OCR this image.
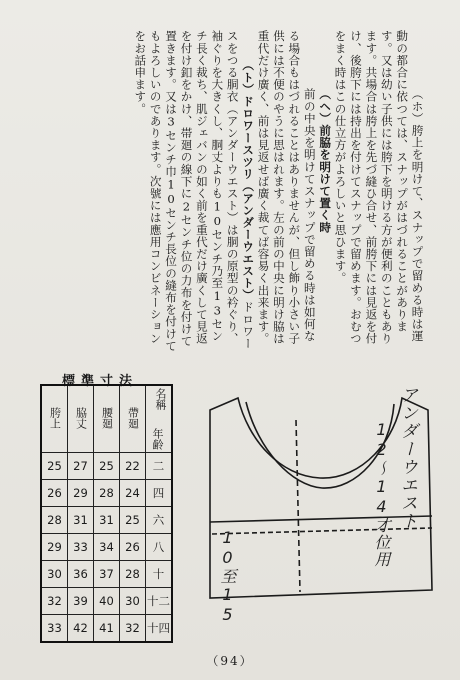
（ホ）胯上を明けて、スナップで留める時は運動の都合に依つては、スナップがはづれることがあります。又は幼い子供には胯下を明ける方が便利のこともあります。共場合は胯上を先づ縫ひ合せ、前胯下には見返を付け、後胯下には持出を付けてスナップで留めます。おむつをまく時はこの仕立方がよろしいと思ひます。
（ヘ）前脇を明けて置く時
前の中央を明けてスナップで留める時は如何なる場合もはづれることはありませんが、但し飾り小さい子供には不便のやうに思はれます。左の前の中央に明け脇は重代だけ廣く、前は見返せば廣く裁てば容易く出来ます。
（ト）ドロワースツリ（アンダーウエスト）ドロワースをつる胴衣（アンダーウエスト）は胴の原型の衿ぐり、袖ぐりを大きくし、胴丈よりも10センチ乃至13センチ長く裁ち、肌ジェバンの如く前を重代だけ廣くして見返を付け釦をかけ、帯廻の線下に2センチ位の力布を付けて置きます。又は3センチ巾10センチ長位の縫布を付けてもよろしいのであります。次號には應用コンビネーションをお話申ます。
標準寸法
胯上	脇丈	腰廻	帶廻	名稱
年齢

25	27	25	22	二
26	29	28	24	四
28	31	31	25	六
29	33	34	26	八
30	36	37	28	十
32	39	40	30	十二
33	42	41	32	十四
アンダーウエスト
12～14才位用
10至15
（94）
